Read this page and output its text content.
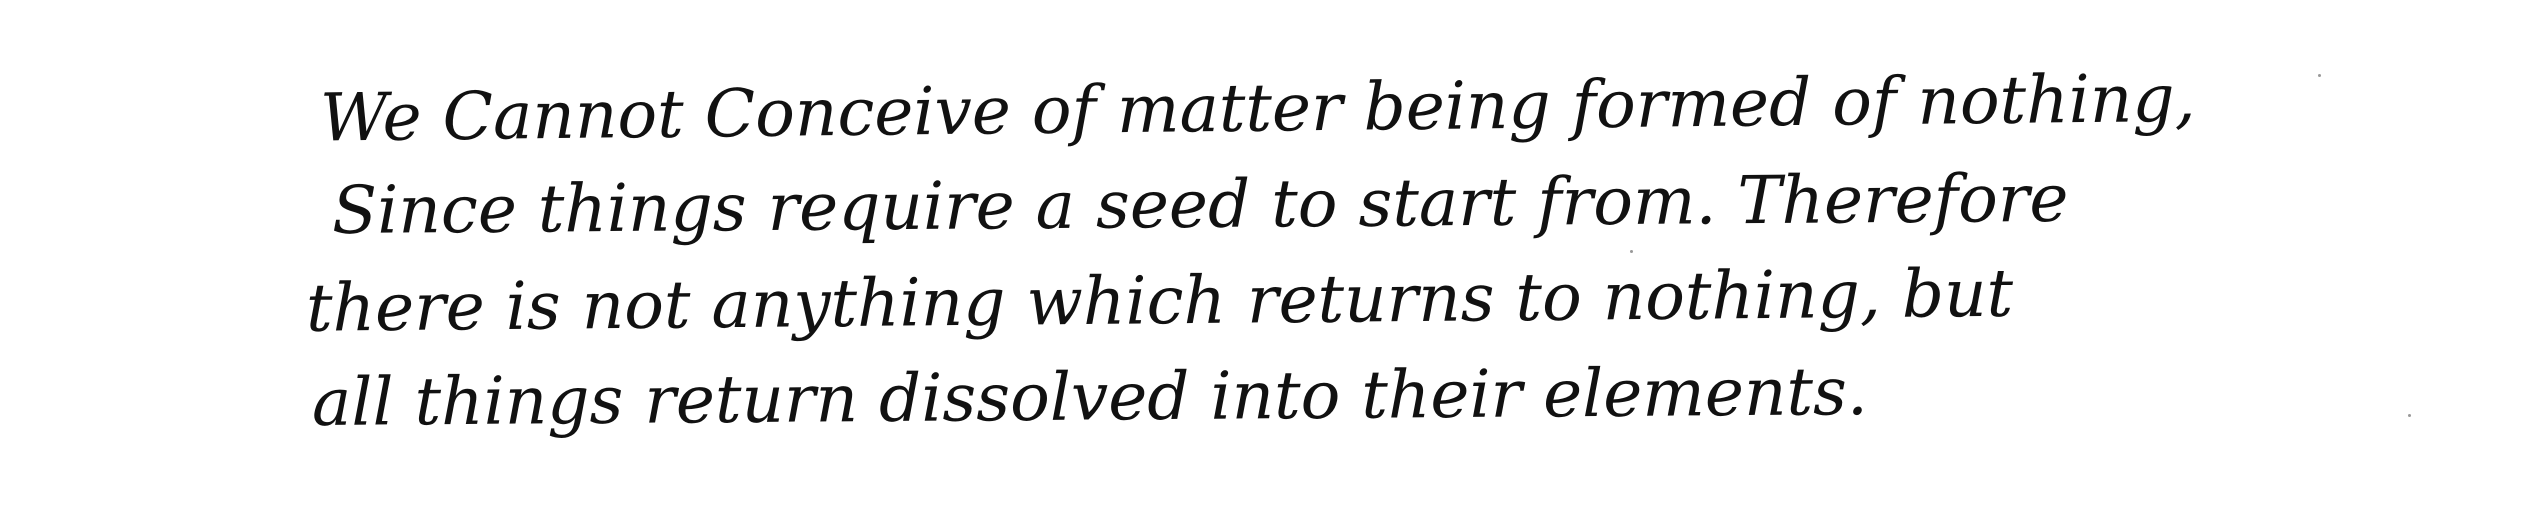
We Cannot Conceive of matter being formed of nothing,
Since things require a seed to start from. Therefore
there is not anything which returns to nothing, but
all things return dissolved into their elements.
